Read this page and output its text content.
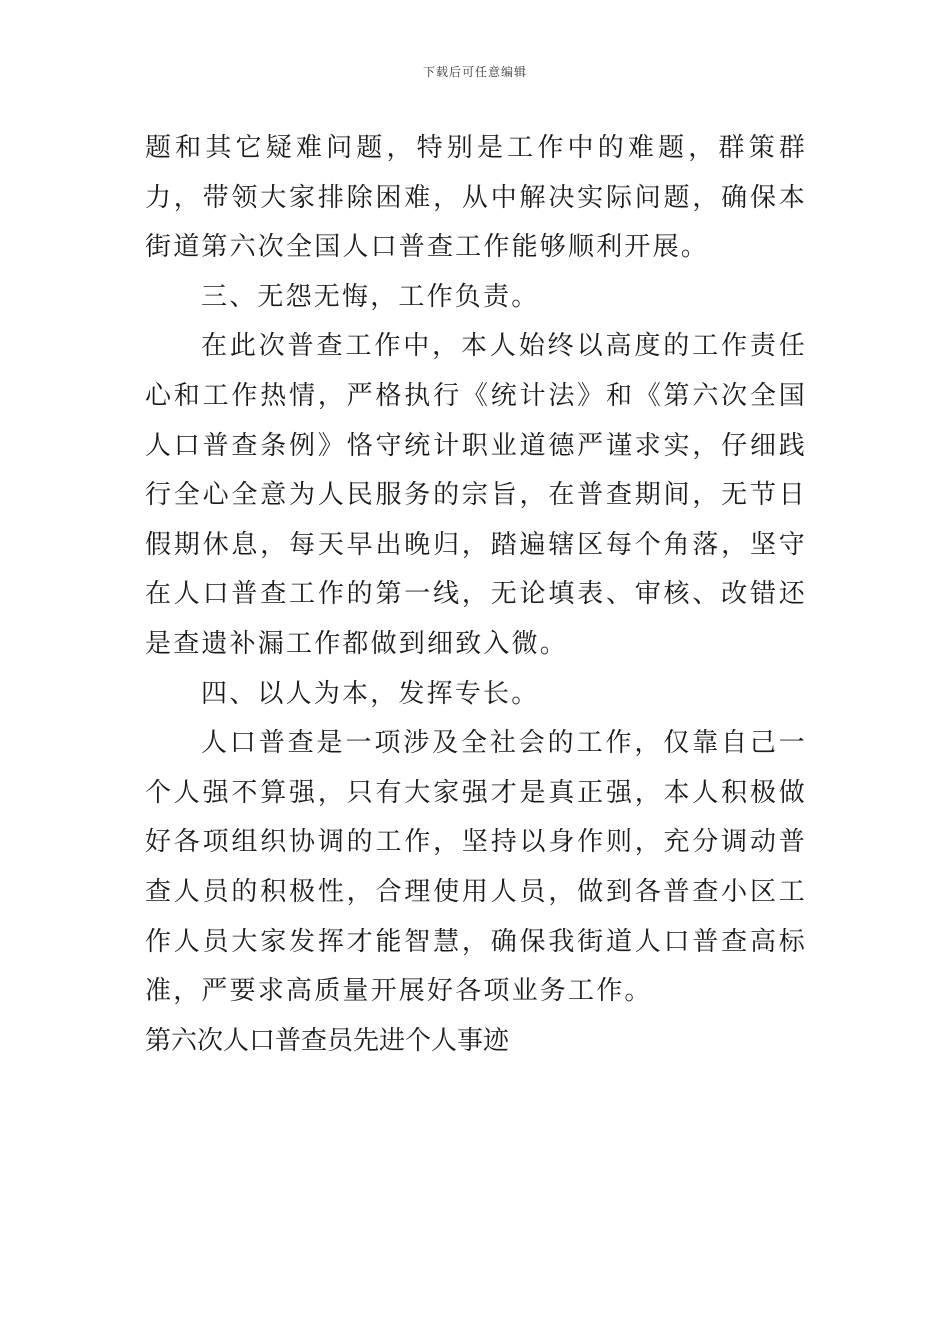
下载后可任意编辑

题和其它疑难问题，特别是工作中的难题，群策群力，带领大家排除困难，从中解决实际问题，确保本街道第六次全国人口普查工作能够顺利开展。

三、无怨无悔，工作负责。

在此次普查工作中，本人始终以高度的工作责任心和工作热情，严格执行《统计法》和《第六次全国人口普查条例》恪守统计职业道德严谨求实，仔细践行全心全意为人民服务的宗旨，在普查期间，无节日假期休息，每天早出晚归，踏遍辖区每个角落，坚守在人口普查工作的第一线，无论填表、审核、改错还是查遗补漏工作都做到细致入微。

四、以人为本，发挥专长。

人口普查是一项涉及全社会的工作，仅靠自己一个人强不算强，只有大家强才是真正强，本人积极做好各项组织协调的工作，坚持以身作则，充分调动普查人员的积极性，合理使用人员，做到各普查小区工作人员大家发挥才能智慧，确保我街道人口普查高标准，严要求高质量开展好各项业务工作。

第六次人口普查员先进个人事迹
